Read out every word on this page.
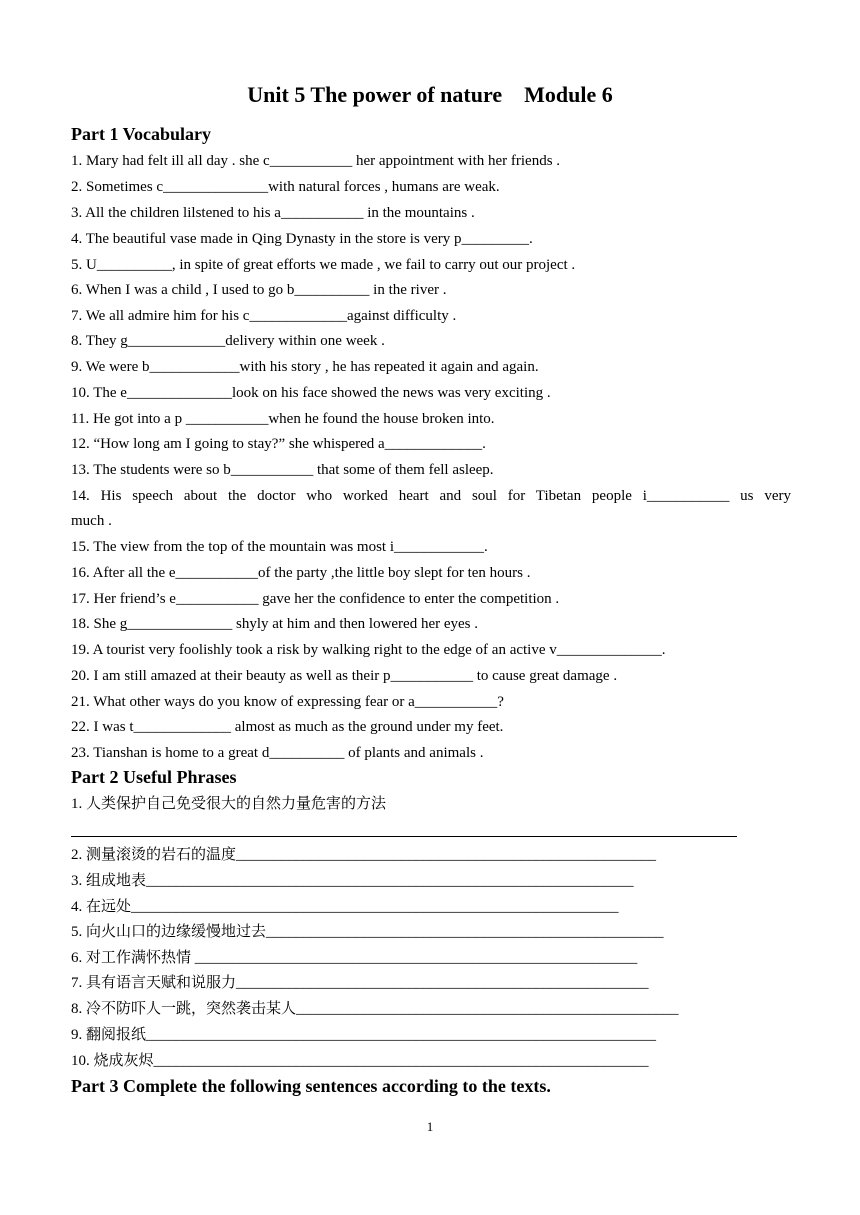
Unit 5 The power of nature    Module 6
Part 1 Vocabulary
1. Mary had felt ill all day . she c___________ her appointment with her friends .
2. Sometimes c______________with natural forces , humans are weak.
3. All the children lilstened to his a___________ in the mountains .
4. The beautiful vase made in Qing Dynasty in the store is very p_________.
5. U__________, in spite of great efforts we made , we fail to carry out our project .
6. When I was a child , I used to go b__________ in the river .
7. We all admire him for his c_____________against difficulty .
8. They g_____________delivery within one week .
9. We were b____________with his story , he has repeated it again and again.
10. The e______________look on his face showed the news was very exciting .
11. He got into a p ___________when he found the house broken into.
12. “How long am I going to stay?” she whispered a_____________.
13. The students were so b___________ that some of them fell asleep.
14. His speech about the doctor who worked heart and soul for Tibetan people i___________ us very
much .
15. The view from the top of the mountain was most i____________.
16. After all the e___________of the party ,the little boy slept for ten hours .
17. Her friend’s e___________ gave her the confidence to enter the competition .
18. She g______________ shyly at him and then lowered her eyes .
19. A tourist very foolishly took a risk by walking right to the edge of an active v______________.
20. I am still amazed at their beauty as well as their p___________ to cause great damage .
21. What other ways do you know of expressing fear or a___________?
22. I was t_____________ almost as much as the ground under my feet.
23. Tianshan is home to a great d__________ of plants and animals .
Part 2 Useful Phrases
1. 人类保护自己免受很大的自然力量危害的方法
2. 测量滚烫的岩石的温度________________________________________________________
3. 组成地表_________________________________________________________________
4. 在远处_________________________________________________________________
5. 向火山口的边缘缓慢地过去_____________________________________________________
6. 对工作满怀热情 ___________________________________________________________
7. 具有语言天赋和说服力_______________________________________________________
8. 冷不防吓人一跳，突然袭击某人___________________________________________________
9. 翻阅报纸____________________________________________________________________
10. 烧成灰烬__________________________________________________________________
Part 3 Complete the following sentences according to the texts.
1
